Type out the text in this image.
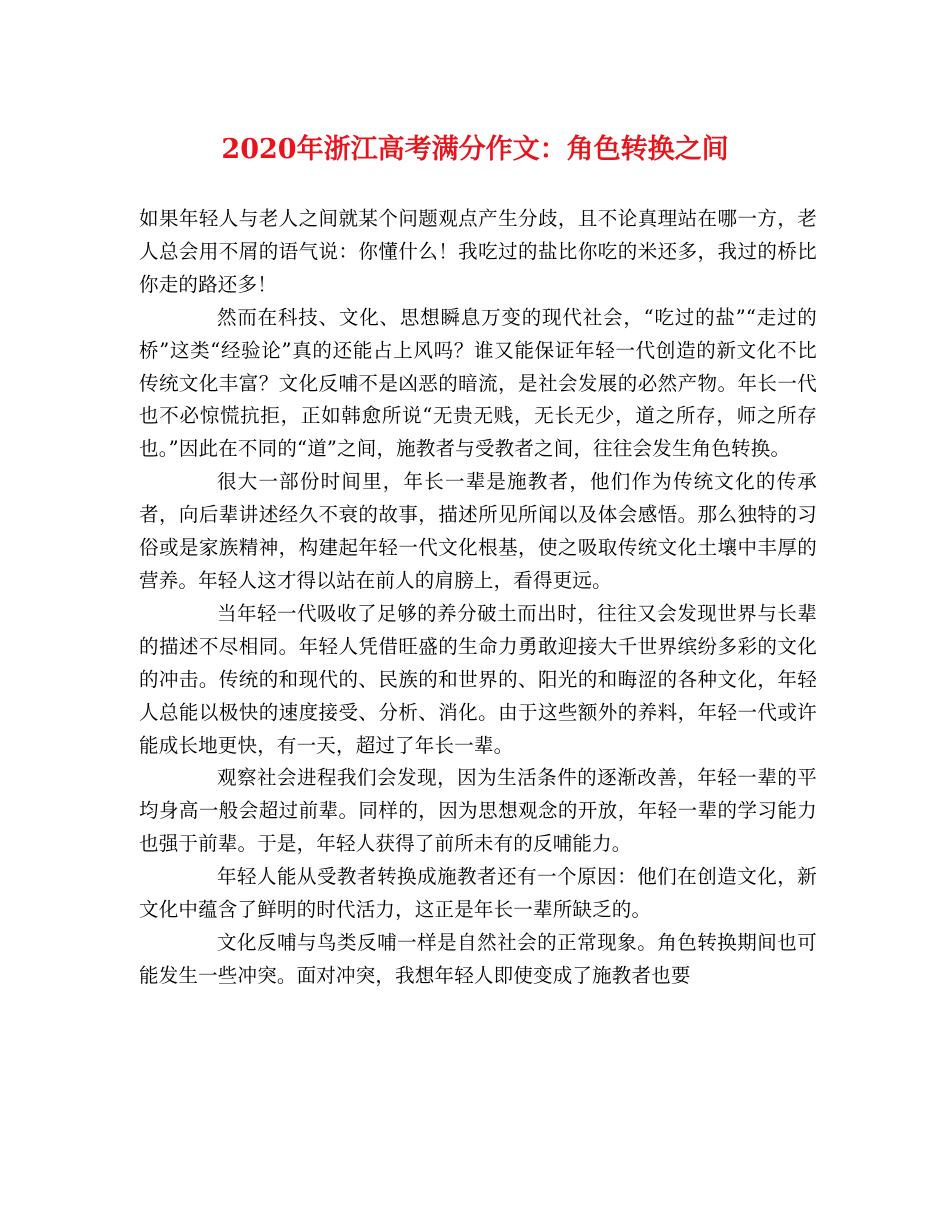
2020年浙江高考满分作文：角色转换之间

如果年轻人与老人之间就某个问题观点产生分歧，且不论真理站在哪一方，老人总会用不屑的语气说：你懂什么！我吃过的盐比你吃的米还多，我过的桥比你走的路还多！

然而在科技、文化、思想瞬息万变的现代社会，“吃过的盐”“走过的桥”这类“经验论”真的还能占上风吗？谁又能保证年轻一代创造的新文化不比传统文化丰富？文化反哺不是凶恶的暗流，是社会发展的必然产物。年长一代也不必惊慌抗拒，正如韩愈所说“无贵无贱，无长无少，道之所存，师之所存也。”因此在不同的“道”之间，施教者与受教者之间，往往会发生角色转换。

很大一部份时间里，年长一辈是施教者，他们作为传统文化的传承者，向后辈讲述经久不衰的故事，描述所见所闻以及体会感悟。那么独特的习俗或是家族精神，构建起年轻一代文化根基，使之吸取传统文化土壤中丰厚的营养。年轻人这才得以站在前人的肩膀上，看得更远。

当年轻一代吸收了足够的养分破土而出时，往往又会发现世界与长辈的描述不尽相同。年轻人凭借旺盛的生命力勇敢迎接大千世界缤纷多彩的文化的冲击。传统的和现代的、民族的和世界的、阳光的和晦涩的各种文化，年轻人总能以极快的速度接受、分析、消化。由于这些额外的养料，年轻一代或许能成长地更快，有一天，超过了年长一辈。

观察社会进程我们会发现，因为生活条件的逐渐改善，年轻一辈的平均身高一般会超过前辈。同样的，因为思想观念的开放，年轻一辈的学习能力也强于前辈。于是，年轻人获得了前所未有的反哺能力。

年轻人能从受教者转换成施教者还有一个原因：他们在创造文化，新文化中蕴含了鲜明的时代活力，这正是年长一辈所缺乏的。

文化反哺与鸟类反哺一样是自然社会的正常现象。角色转换期间也可能发生一些冲突。面对冲突，我想年轻人即使变成了施教者也要
